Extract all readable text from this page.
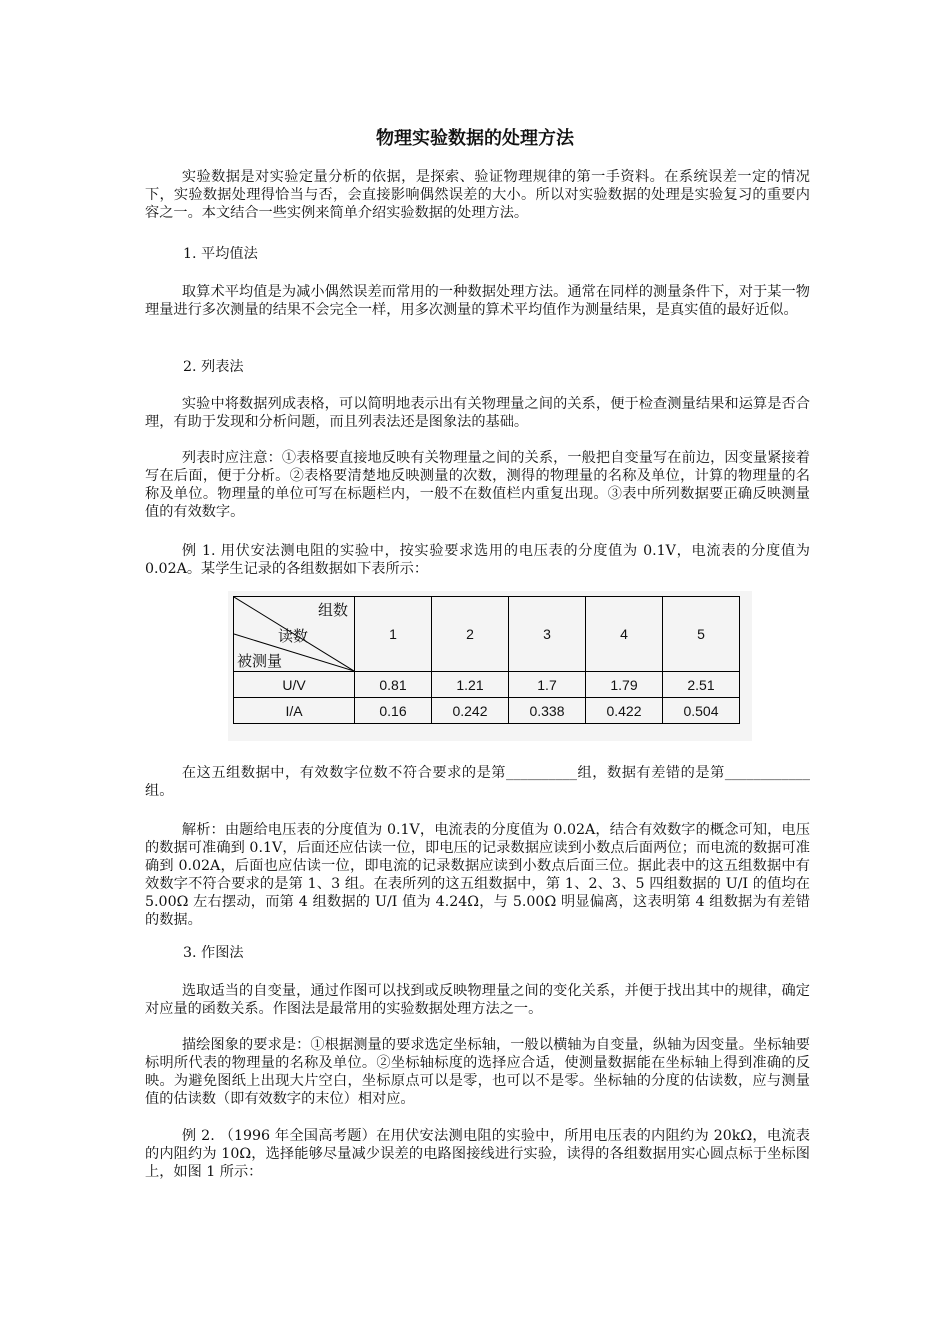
物理实验数据的处理方法
实验数据是对实验定量分析的依据，是探索、验证物理规律的第一手资料。在系统误差一定的情况下，实验数据处理得恰当与否，会直接影响偶然误差的大小。所以对实验数据的处理是实验复习的重要内容之一。本文结合一些实例来简单介绍实验数据的处理方法。
1. 平均值法
取算术平均值是为减小偶然误差而常用的一种数据处理方法。通常在同样的测量条件下，对于某一物理量进行多次测量的结果不会完全一样，用多次测量的算术平均值作为测量结果，是真实值的最好近似。
2. 列表法
实验中将数据列成表格，可以简明地表示出有关物理量之间的关系，便于检查测量结果和运算是否合理，有助于发现和分析问题，而且列表法还是图象法的基础。
列表时应注意：①表格要直接地反映有关物理量之间的关系，一般把自变量写在前边，因变量紧接着写在后面，便于分析。②表格要清楚地反映测量的次数，测得的物理量的名称及单位，计算的物理量的名称及单位。物理量的单位可写在标题栏内，一般不在数值栏内重复出现。③表中所列数据要正确反映测量值的有效数字。
例 1. 用伏安法测电阻的实验中，按实验要求选用的电压表的分度值为 0.1V，电流表的分度值为 0.02A。某学生记录的各组数据如下表所示：
组数
读数
被测量	1	2	3	4	5
U/V	0.81	1.21	1.7	1.79	2.51
I/A	0.16	0.242	0.338	0.422	0.504
在这五组数据中，有效数字位数不符合要求的是第__________组，数据有差错的是第____________组。
解析：由题给电压表的分度值为 0.1V，电流表的分度值为 0.02A，结合有效数字的概念可知，电压的数据可准确到 0.1V，后面还应估读一位，即电压的记录数据应读到小数点后面两位；而电流的数据可准确到 0.02A，后面也应估读一位，即电流的记录数据应读到小数点后面三位。据此表中的这五组数据中有效数字不符合要求的是第 1、3 组。在表所列的这五组数据中，第 1、2、3、5 四组数据的 U/I 的值均在 5.00Ω 左右摆动，而第 4 组数据的 U/I 值为 4.24Ω，与 5.00Ω 明显偏离，这表明第 4 组数据为有差错的数据。
3. 作图法
选取适当的自变量，通过作图可以找到或反映物理量之间的变化关系，并便于找出其中的规律，确定对应量的函数关系。作图法是最常用的实验数据处理方法之一。
描绘图象的要求是：①根据测量的要求选定坐标轴，一般以横轴为自变量，纵轴为因变量。坐标轴要标明所代表的物理量的名称及单位。②坐标轴标度的选择应合适，使测量数据能在坐标轴上得到准确的反映。为避免图纸上出现大片空白，坐标原点可以是零，也可以不是零。坐标轴的分度的估读数，应与测量值的估读数（即有效数字的末位）相对应。
例 2. （1996 年全国高考题）在用伏安法测电阻的实验中，所用电压表的内阻约为 20kΩ，电流表的内阻约为 10Ω，选择能够尽量减少误差的电路图接线进行实验，读得的各组数据用实心圆点标于坐标图上，如图 1 所示：
